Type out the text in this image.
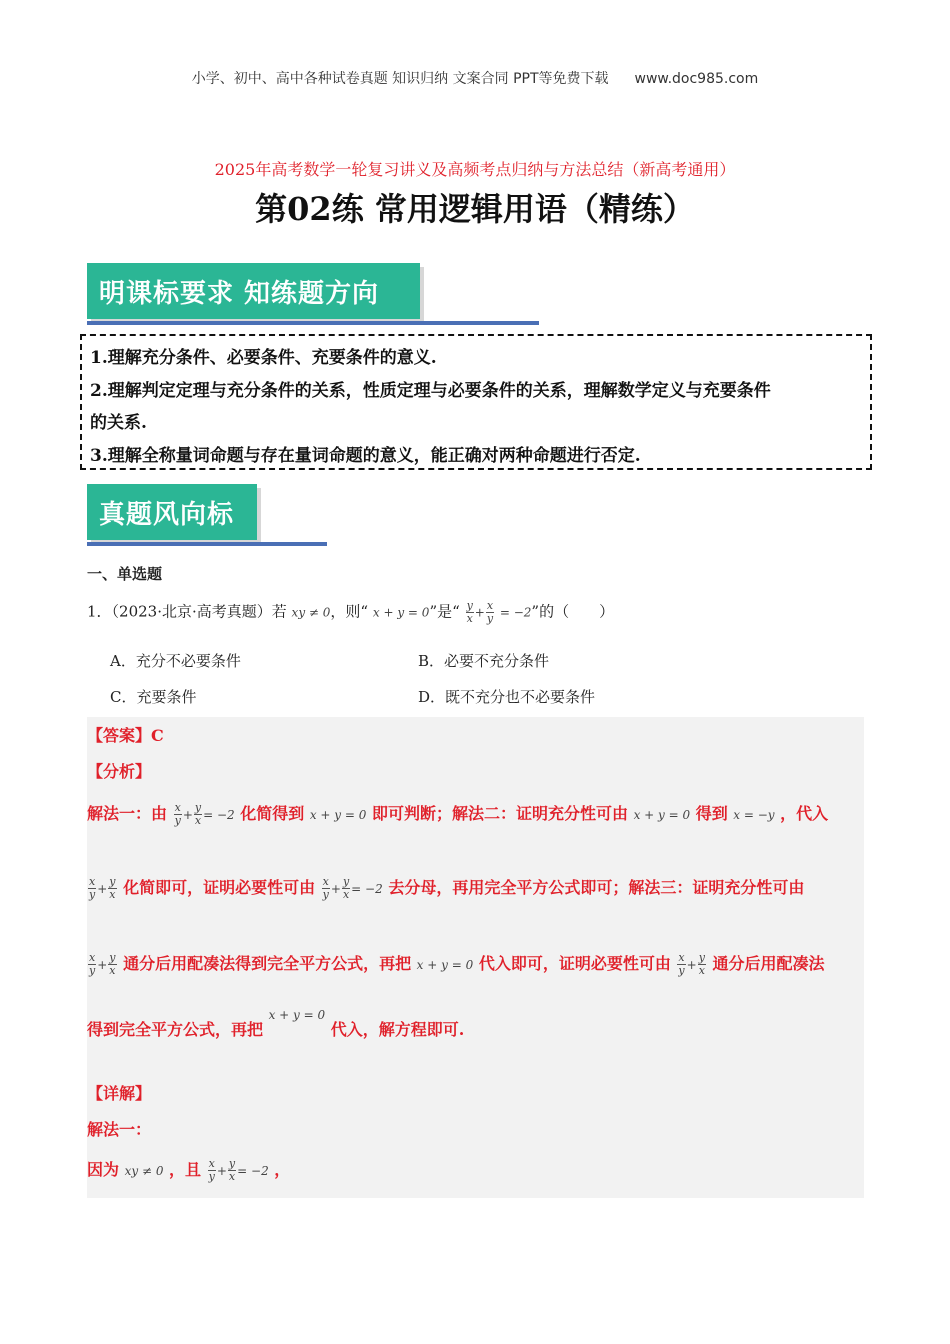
小学、初中、高中各种试卷真题 知识归纳 文案合同 PPT等免费下载 www.doc985.com
2025年高考数学一轮复习讲义及高频考点归纳与方法总结（新高考通用）
第02练 常用逻辑用语（精练）
明课标要求 知练题方向

1.理解充分条件、必要条件、充要条件的意义.

2.理解判定定理与充分条件的关系，性质定理与必要条件的关系，理解数学定义与充要条件

的关系.

3.理解全称量词命题与存在量词命题的意义，能正确对两种命题进行否定.

真题风向标
一、单选题
1．（2023·北京·高考真题）若 xy ≠ 0，则“ x + y = 0”是“ $\frac{y}{x} + \frac{x}{y} = -2$”的（　　）
A．充分不必要条件	B．必要不充分条件
C．充要条件	D．既不充分也不必要条件
【答案】C
【分析】
解法一：由 $\frac{x}{y} + \frac{y}{x} = -2$ 化简得到 x + y = 0 即可判断；解法二：证明充分性可由 x + y = 0 得到 x = −y ，代入
$\frac{x}{y} + \frac{y}{x}$ 化简即可，证明必要性可由 $\frac{x}{y} + \frac{y}{x} = -2$ 去分母，再用完全平方公式即可；解法三：证明充分性可由
$\frac{x}{y} + \frac{y}{x}$ 通分后用配凑法得到完全平方公式，再把 x + y = 0 代入即可，证明必要性可由 $\frac{x}{y} + \frac{y}{x}$ 通分后用配凑法
得到完全平方公式，再把 $^{x + y = 0}$ 代入，解方程即可.
【详解】
解法一：
因为 xy ≠ 0 ，且 $\frac{x}{y} + \frac{y}{x} = -2$ ，
